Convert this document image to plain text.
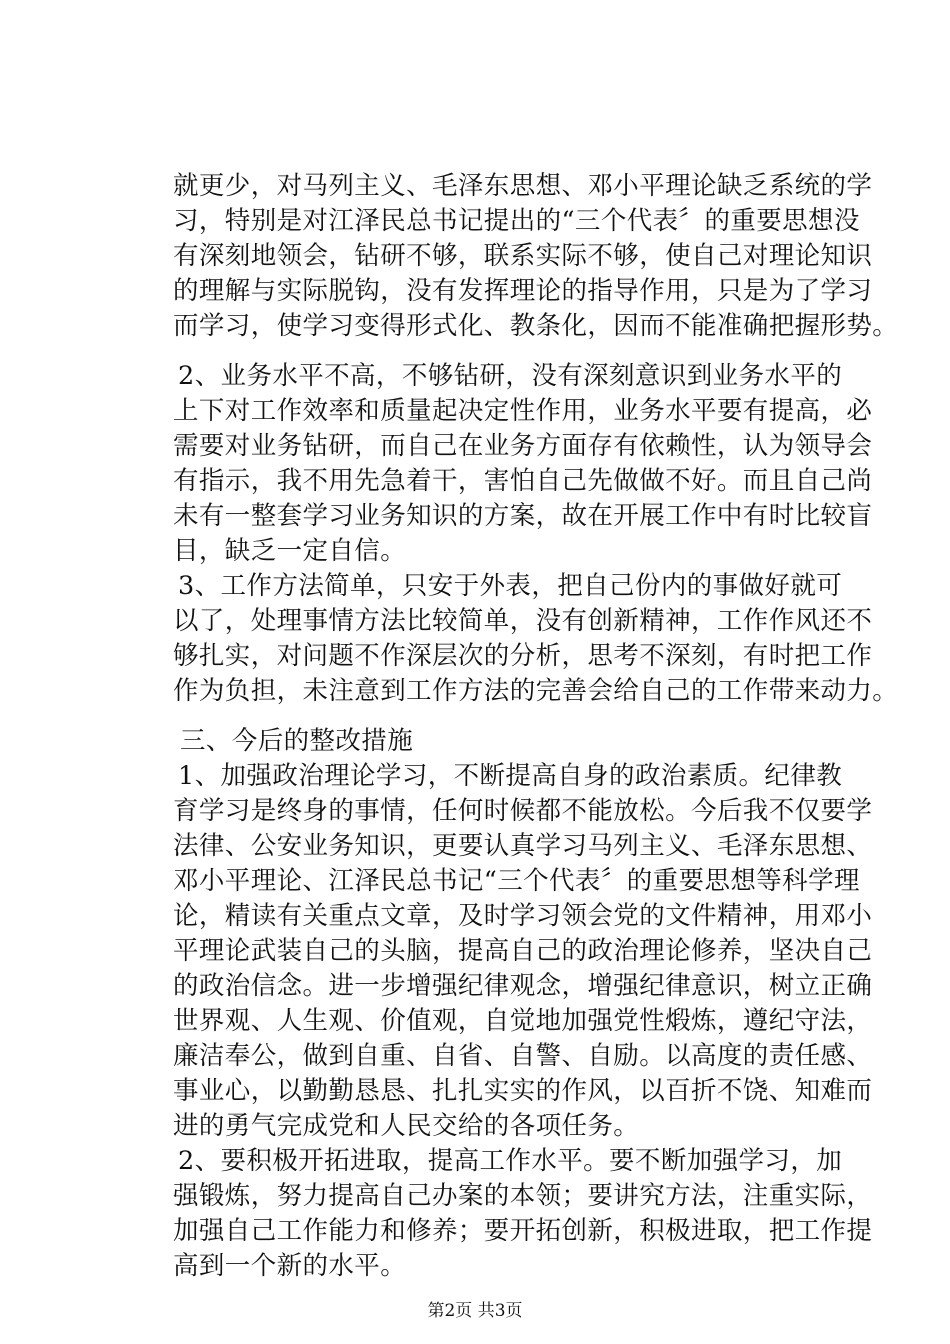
就更少，对马列主义、毛泽东思想、邓小平理论缺乏系统的学
习，特别是对江泽民总书记提出的“三个代表〞的重要思想没
有深刻地领会，钻研不够，联系实际不够，使自己对理论知识
的理解与实际脱钩，没有发挥理论的指导作用，只是为了学习
而学习，使学习变得形式化、教条化，因而不能准确把握形势。
2、业务水平不高，不够钻研，没有深刻意识到业务水平的
上下对工作效率和质量起决定性作用，业务水平要有提高，必
需要对业务钻研，而自己在业务方面存有依赖性，认为领导会
有指示，我不用先急着干，害怕自己先做做不好。而且自己尚
未有一整套学习业务知识的方案，故在开展工作中有时比较盲
目，缺乏一定自信。
3、工作方法简单，只安于外表，把自己份内的事做好就可
以了，处理事情方法比较简单，没有创新精神，工作作风还不
够扎实，对问题不作深层次的分析，思考不深刻，有时把工作
作为负担，未注意到工作方法的完善会给自己的工作带来动力。
三、今后的整改措施
1、加强政治理论学习，不断提高自身的政治素质。纪律教
育学习是终身的事情，任何时候都不能放松。今后我不仅要学
法律、公安业务知识，更要认真学习马列主义、毛泽东思想、
邓小平理论、江泽民总书记“三个代表〞的重要思想等科学理
论，精读有关重点文章，及时学习领会党的文件精神，用邓小
平理论武装自己的头脑，提高自己的政治理论修养，坚决自己
的政治信念。进一步增强纪律观念，增强纪律意识，树立正确
世界观、人生观、价值观，自觉地加强党性煅炼，遵纪守法，
廉洁奉公，做到自重、自省、自警、自励。以高度的责任感、
事业心，以勤勤恳恳、扎扎实实的作风，以百折不饶、知难而
进的勇气完成党和人民交给的各项任务。
2、要积极开拓进取，提高工作水平。要不断加强学习，加
强锻炼，努力提高自己办案的本领；要讲究方法，注重实际，
加强自己工作能力和修养；要开拓创新，积极进取，把工作提
高到一个新的水平。
第2页 共3页
